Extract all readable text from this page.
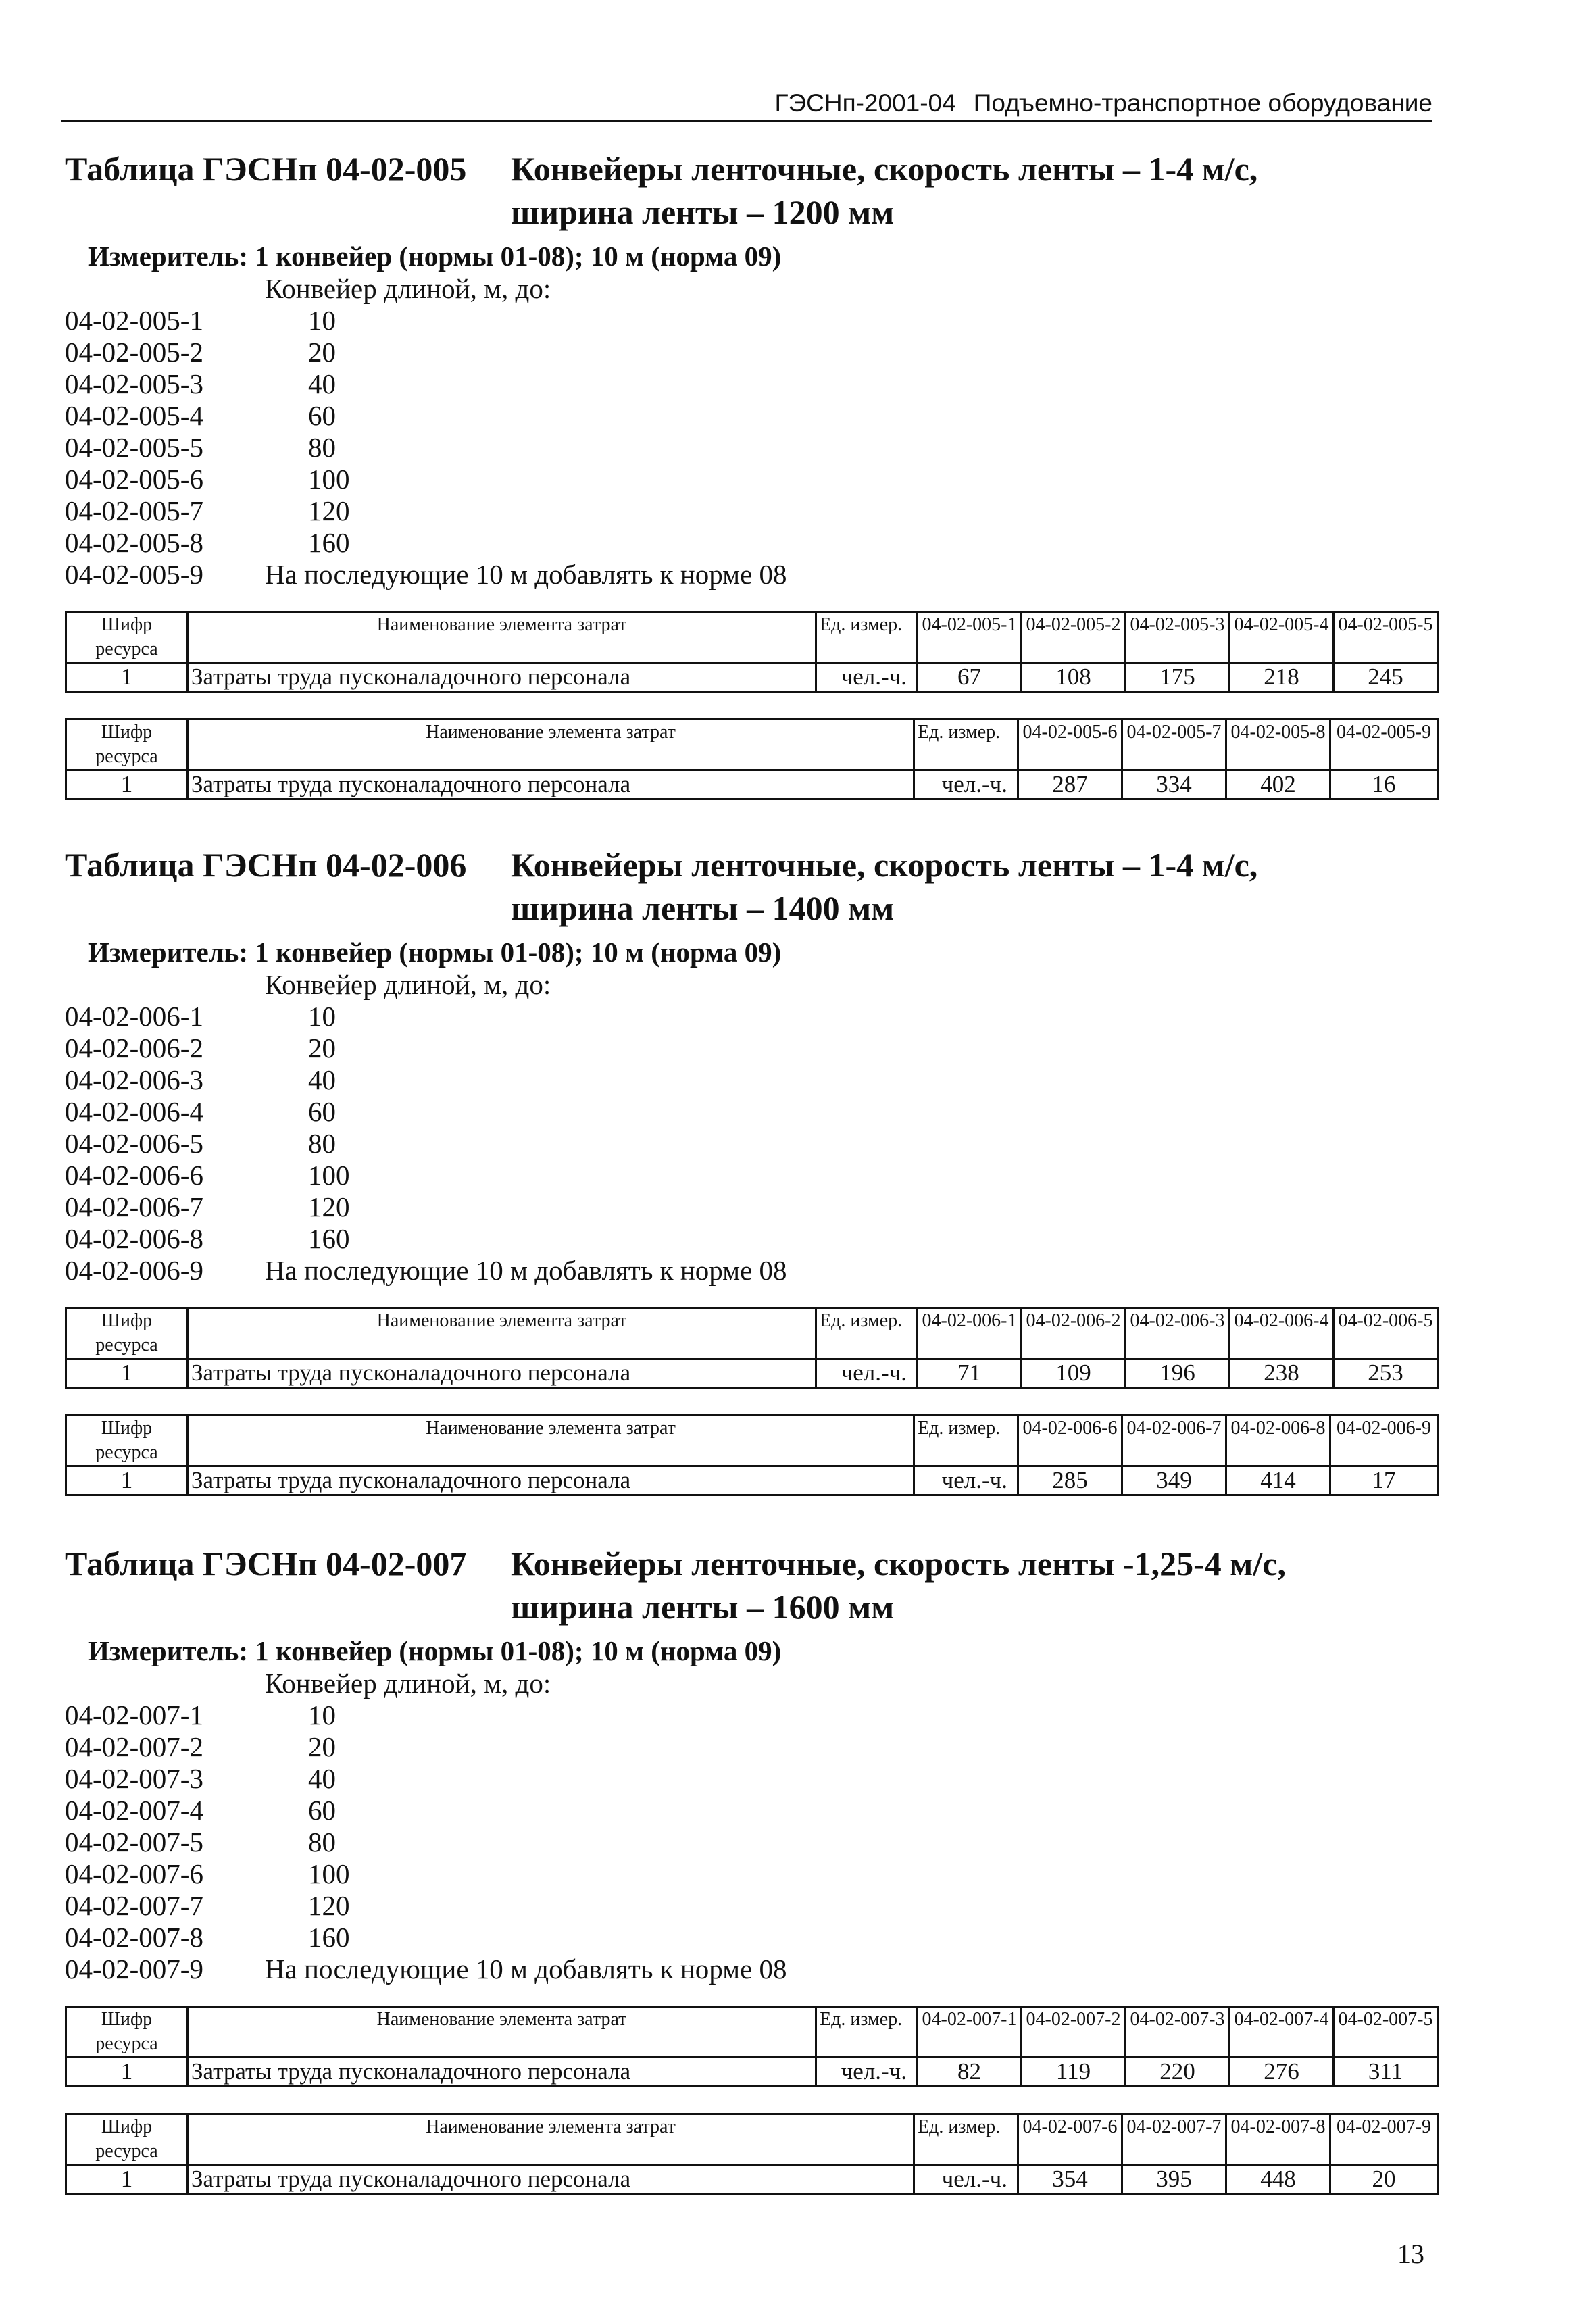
ГЭСНп-2001-04 Подъемно-транспортное оборудование
Таблица ГЭСНп 04-02-005 Конвейеры ленточные, скорость ленты – 1-4 м/с,
ширина ленты – 1200 мм
Измеритель: 1 конвейер (нормы 01-08); 10 м (норма 09)
Конвейер длиной, м, до:
04-02-005-1	10
04-02-005-2	20
04-02-005-3	40
04-02-005-4	60
04-02-005-5	80
04-02-005-6	100
04-02-005-7	120
04-02-005-8	160
04-02-005-9 На последующие 10 м добавлять к норме 08
Шифр ресурса	Наименование элемента затрат	Ед. измер.	04-02-005-1	04-02-005-2	04-02-005-3	04-02-005-4	04-02-005-5
1	Затраты труда пусконаладочного персонала	чел.-ч.	67	108	175	218	245
Шифр ресурса	Наименование элемента затрат	Ед. измер.	04-02-005-6	04-02-005-7	04-02-005-8	04-02-005-9
1	Затраты труда пусконаладочного персонала	чел.-ч.	287	334	402	16
Таблица ГЭСНп 04-02-006 Конвейеры ленточные, скорость ленты – 1-4 м/с,
ширина ленты – 1400 мм
Измеритель: 1 конвейер (нормы 01-08); 10 м (норма 09)
Конвейер длиной, м, до:
04-02-006-1	10
04-02-006-2	20
04-02-006-3	40
04-02-006-4	60
04-02-006-5	80
04-02-006-6	100
04-02-006-7	120
04-02-006-8	160
04-02-006-9 На последующие 10 м добавлять к норме 08
Шифр ресурса	Наименование элемента затрат	Ед. измер.	04-02-006-1	04-02-006-2	04-02-006-3	04-02-006-4	04-02-006-5
1	Затраты труда пусконаладочного персонала	чел.-ч.	71	109	196	238	253
Шифр ресурса	Наименование элемента затрат	Ед. измер.	04-02-006-6	04-02-006-7	04-02-006-8	04-02-006-9
1	Затраты труда пусконаладочного персонала	чел.-ч.	285	349	414	17
Таблица ГЭСНп 04-02-007 Конвейеры ленточные, скорость ленты -1,25-4 м/с,
ширина ленты – 1600 мм
Измеритель: 1 конвейер (нормы 01-08); 10 м (норма 09)
Конвейер длиной, м, до:
04-02-007-1	10
04-02-007-2	20
04-02-007-3	40
04-02-007-4	60
04-02-007-5	80
04-02-007-6	100
04-02-007-7	120
04-02-007-8	160
04-02-007-9 На последующие 10 м добавлять к норме 08
Шифр ресурса	Наименование элемента затрат	Ед. измер.	04-02-007-1	04-02-007-2	04-02-007-3	04-02-007-4	04-02-007-5
1	Затраты труда пусконаладочного персонала	чел.-ч.	82	119	220	276	311
Шифр ресурса	Наименование элемента затрат	Ед. измер.	04-02-007-6	04-02-007-7	04-02-007-8	04-02-007-9
1	Затраты труда пусконаладочного персонала	чел.-ч.	354	395	448	20
13
